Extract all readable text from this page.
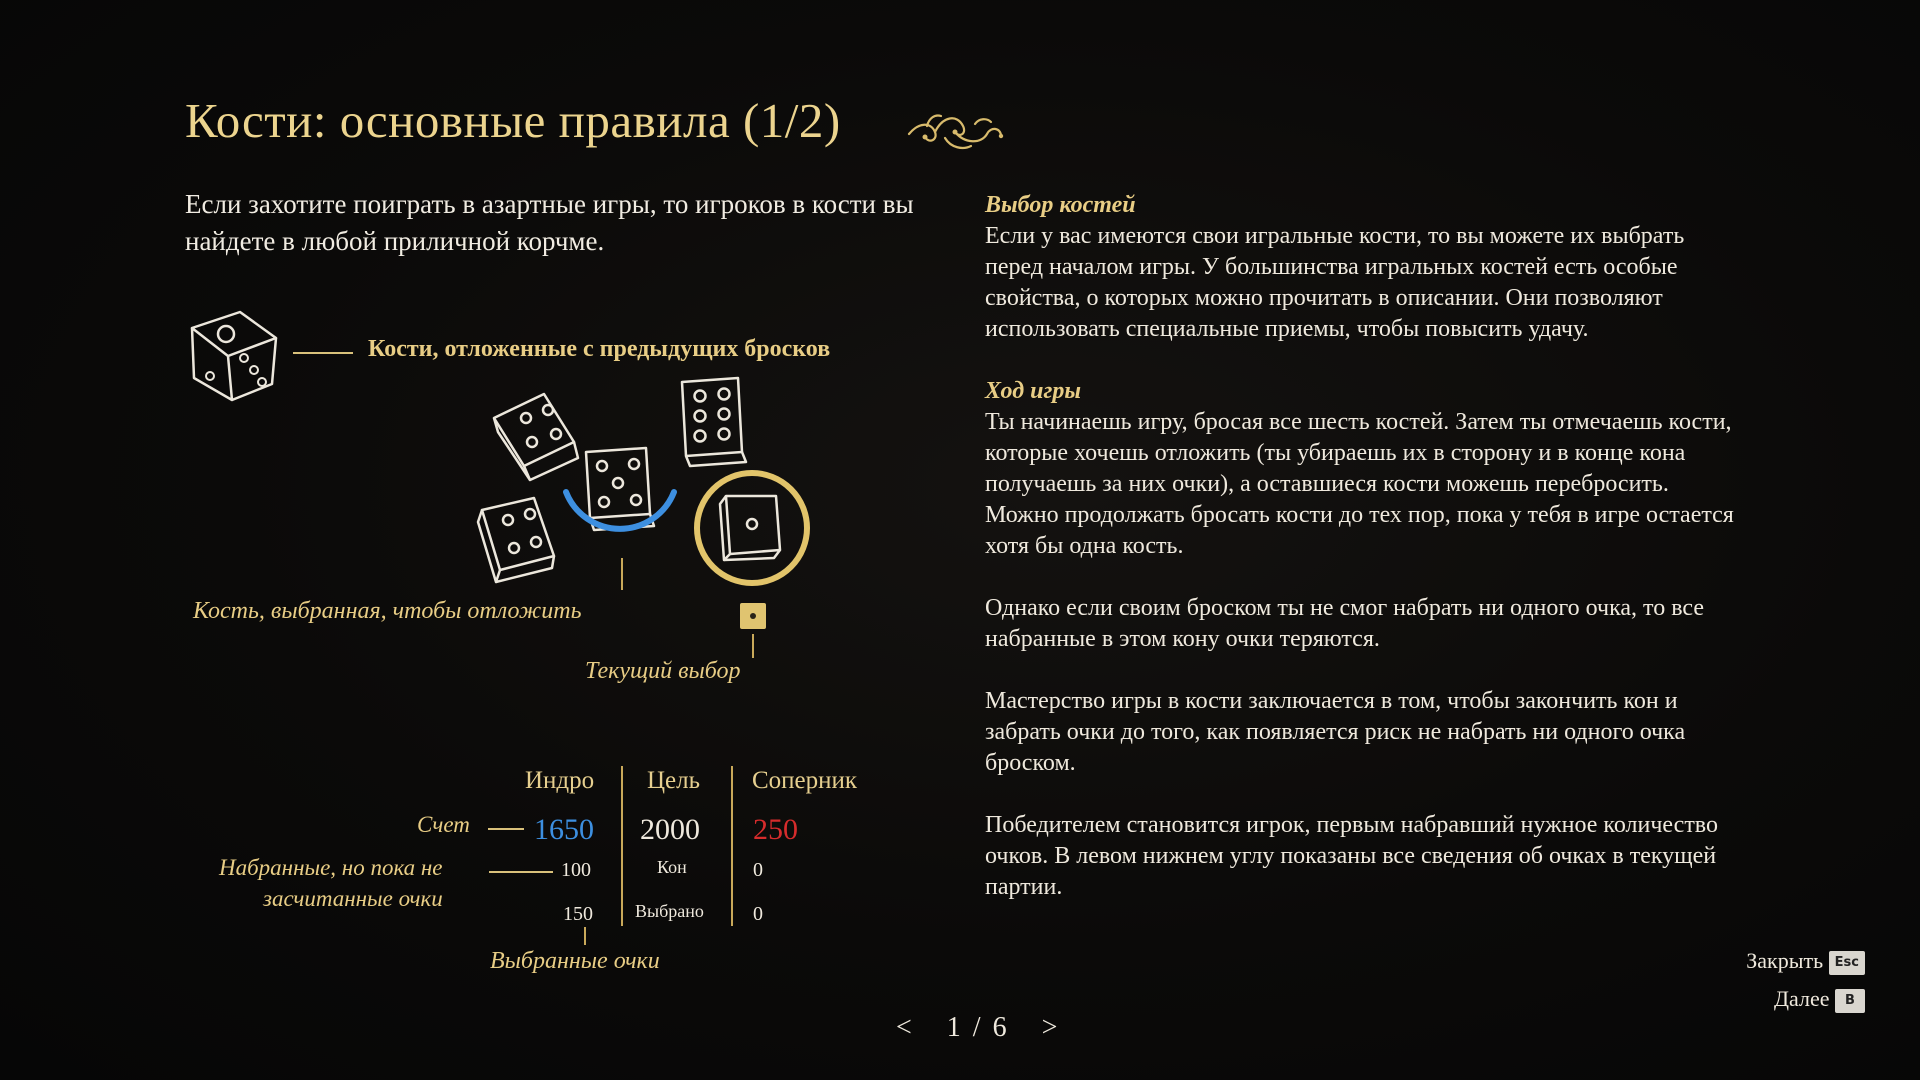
Кости: основные правила (1/2)
Если захотите поиграть в азартные игры, то игроков в кости вы найдете в любой приличной корчме.
Кости, отложенные с предыдущих бросков
Кость, выбранная, чтобы отложить
Текущий выбор
Индро Цель Соперник
Счет 1650 2000 250
Набранные, но пока не
засчитанные очки
100	Кон	0
150 Выбрано 0
Выбранные очки
Выбор костей

Если у вас имеются свои игральные кости, то вы можете их выбрать перед началом игры. У большинства игральных костей есть особые свойства, о которых можно прочитать в описании. Они позволяют использовать специальные приемы, чтобы повысить удачу.

Ход игры

Ты начинаешь игру, бросая все шесть костей. Затем ты отмечаешь кости, которые хочешь отложить (ты убираешь их в сторону и в конце кона получаешь за них очки), а оставшиеся кости можешь перебросить. Можно продолжать бросать кости до тех пор, пока у тебя в игре остается хотя бы одна кость.

Однако если своим броском ты не смог набрать ни одного очка, то все набранные в этом кону очки теряются.

Мастерство игры в кости заключается в том, чтобы закончить кон и забрать очки до того, как появляется риск не набрать ни одного очка броском.

Победителем становится игрок, первым набравший нужное количество очков. В левом нижнем углу показаны все сведения об очках в текущей партии.

Закрыть Esc
Далее B
< 1 / 6 >
